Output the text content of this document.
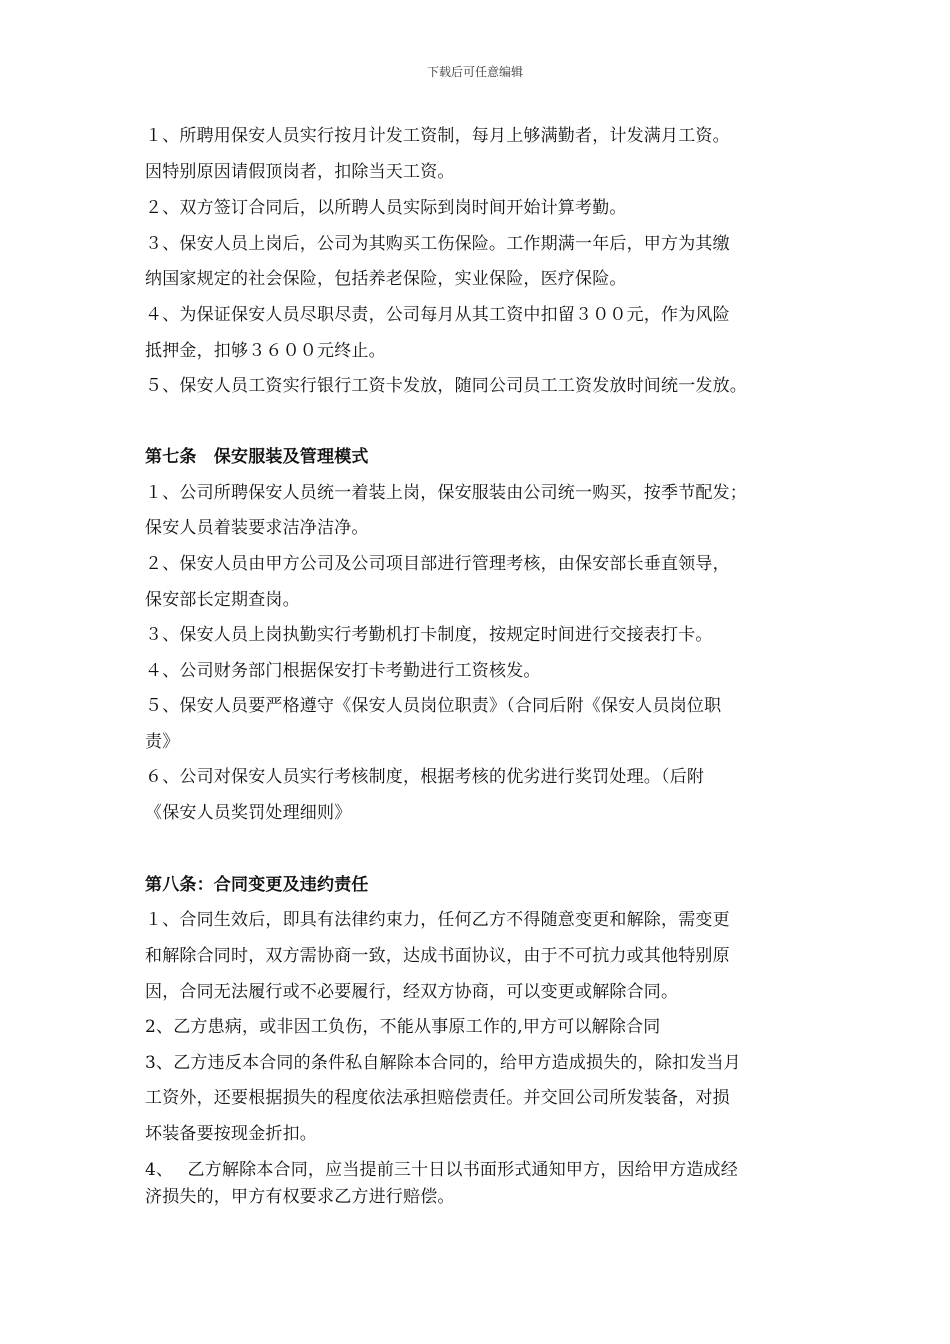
下载后可任意编辑
１、所聘用保安人员实行按月计发工资制，每月上够满勤者，计发满月工资。
因特别原因请假顶岗者，扣除当天工资。
２、双方签订合同后，以所聘人员实际到岗时间开始计算考勤。
３、保安人员上岗后，公司为其购买工伤保险。工作期满一年后，甲方为其缴
纳国家规定的社会保险，包括养老保险，实业保险，医疗保险。
４、为保证保安人员尽职尽责，公司每月从其工资中扣留３００元，作为风险
抵押金，扣够３６００元终止。
５、保安人员工资实行银行工资卡发放，随同公司员工工资发放时间统一发放。
第七条　保安服装及管理模式
１、公司所聘保安人员统一着装上岗，保安服装由公司统一购买，按季节配发；
保安人员着装要求洁净洁净。
２、保安人员由甲方公司及公司项目部进行管理考核，由保安部长垂直领导，
保安部长定期查岗。
３、保安人员上岗执勤实行考勤机打卡制度，按规定时间进行交接表打卡。
４、公司财务部门根据保安打卡考勤进行工资核发。
５、保安人员要严格遵守《保安人员岗位职责》（合同后附《保安人员岗位职
责》
６、公司对保安人员实行考核制度，根据考核的优劣进行奖罚处理。（后附
《保安人员奖罚处理细则》
第八条：合同变更及违约责任
１、合同生效后，即具有法律约束力，任何乙方不得随意变更和解除，需变更
和解除合同时，双方需协商一致，达成书面协议，由于不可抗力或其他特别原
因，合同无法履行或不必要履行，经双方协商，可以变更或解除合同。
2、乙方患病，或非因工负伤，不能从事原工作的,甲方可以解除合同
3、乙方违反本合同的条件私自解除本合同的，给甲方造成损失的，除扣发当月
工资外，还要根据损失的程度依法承担赔偿责任。并交回公司所发装备，对损
坏装备要按现金折扣。
4、　 乙方解除本合同，应当提前三十日以书面形式通知甲方，因给甲方造成经
济损失的，甲方有权要求乙方进行赔偿。
